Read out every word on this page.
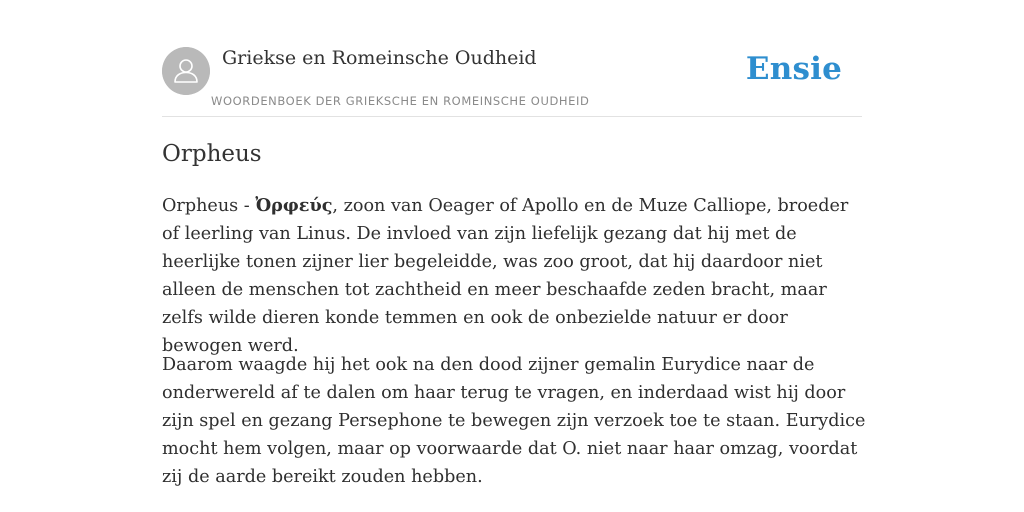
Griekse en Romeinsche Oudheid
WOORDENBOEK DER GRIEKSCHE EN ROMEINSCHE OUDHEID
Ensie
Orpheus

Orpheus - Ὀρφεύς, zoon van Oeager of Apollo en de Muze Calliope, broeder of leerling van Linus. De invloed van zijn liefelijk gezang dat hij met de heerlijke tonen zijner lier begeleidde, was zoo groot, dat hij daardoor niet alleen de menschen tot zachtheid en meer beschaafde zeden bracht, maar zelfs wilde dieren konde temmen en ook de onbezielde natuur er door bewogen werd.

Daarom waagde hij het ook na den dood zijner gemalin Eurydice naar de onderwereld af te dalen om haar terug te vragen, en inderdaad wist hij door zijn spel en gezang Persephone te bewegen zijn verzoek toe te staan. Eurydice mocht hem volgen, maar op voorwaarde dat O. niet naar haar omzag, voordat zij de aarde bereikt zouden hebben.
